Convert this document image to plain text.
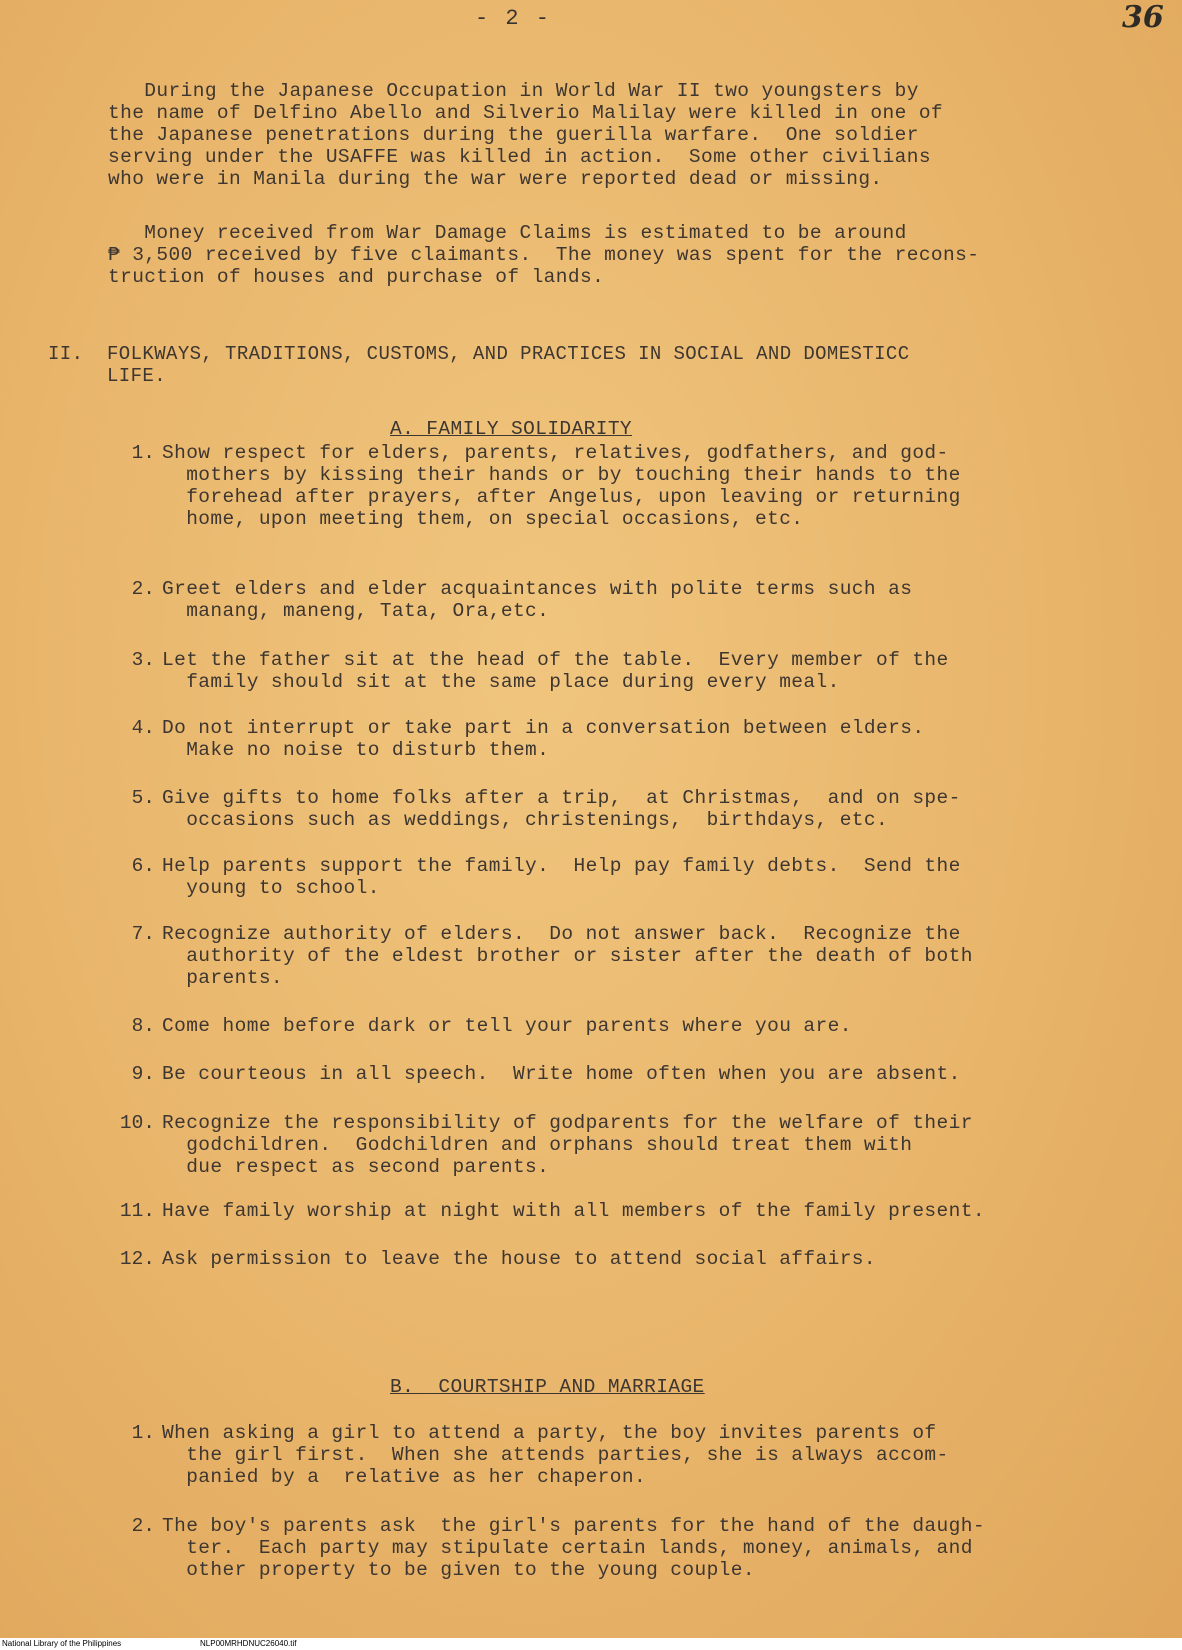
- 2 -	36
During the Japanese Occupation in World War II two youngsters by
the name of Delfino Abello and Silverio Malilay were killed in one of
the Japanese penetrations during the guerilla warfare.  One soldier
serving under the USAFFE was killed in action.  Some other civilians
who were in Manila during the war were reported dead or missing.
Money received from War Damage Claims is estimated to be around
₱ 3,500 received by five claimants.  The money was spent for the recons-
truction of houses and purchase of lands.
II.  FOLKWAYS, TRADITIONS, CUSTOMS, AND PRACTICES IN SOCIAL AND DOMESTICC
LIFE.
A. FAMILY SOLIDARITY
1. Show respect for elders, parents, relatives, godfathers, and god-
mothers by kissing their hands or by touching their hands to the
forehead after prayers, after Angelus, upon leaving or returning
home, upon meeting them, on special occasions, etc.
2. Greet elders and elder acquaintances with polite terms such as
manang, maneng, Tata, Ora,etc.
3. Let the father sit at the head of the table.  Every member of the
family should sit at the same place during every meal.
4. Do not interrupt or take part in a conversation between elders.
Make no noise to disturb them.
5. Give gifts to home folks after a trip,  at Christmas,  and on spe-
occasions such as weddings, christenings,  birthdays, etc.
6. Help parents support the family.  Help pay family debts.  Send the
young to school.
7. Recognize authority of elders.  Do not answer back.  Recognize the
authority of the eldest brother or sister after the death of both
parents.
8. Come home before dark or tell your parents where you are.
9. Be courteous in all speech.  Write home often when you are absent.
10. Recognize the responsibility of godparents for the welfare of their
godchildren.  Godchildren and orphans should treat them with
due respect as second parents.
11. Have family worship at night with all members of the family present.
12. Ask permission to leave the house to attend social affairs.
B.  COURTSHIP AND MARRIAGE
1. When asking a girl to attend a party, the boy invites parents of
the girl first.  When she attends parties, she is always accom-
panied by a  relative as her chaperon.
2. The boy's parents ask  the girl's parents for the hand of the daugh-
ter.  Each party may stipulate certain lands, money, animals, and
other property to be given to the young couple.
National Library of the Philippines	NLP00MRHDNUC26040.tif
